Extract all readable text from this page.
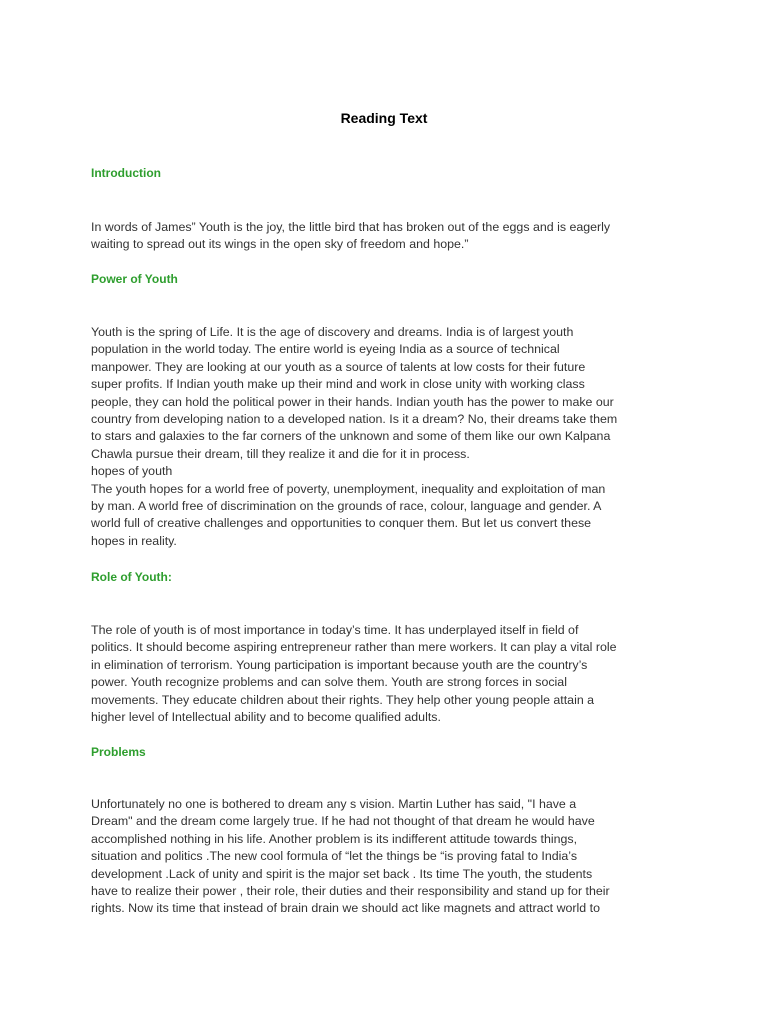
Reading Text
Introduction

In words of James” Youth is the joy, the little bird that has broken out of the eggs and is eagerly
waiting to spread out its wings in the open sky of freedom and hope.”

Power of Youth

Youth is the spring of Life. It is the age of discovery and dreams. India is of largest youth
population in the world today. The entire world is eyeing India as a source of technical
manpower. They are looking at our youth as a source of talents at low costs for their future
super profits. If Indian youth make up their mind and work in close unity with working class
people, they can hold the political power in their hands. Indian youth has the power to make our
country from developing nation to a developed nation. Is it a dream? No, their dreams take them
to stars and galaxies to the far corners of the unknown and some of them like our own Kalpana
Chawla pursue their dream, till they realize it and die for it in process.
hopes of youth
The youth hopes for a world free of poverty, unemployment, inequality and exploitation of man
by man. A world free of discrimination on the grounds of race, colour, language and gender. A
world full of creative challenges and opportunities to conquer them. But let us convert these
hopes in reality.

Role of Youth:

The role of youth is of most importance in today’s time. It has underplayed itself in field of
politics. It should become aspiring entrepreneur rather than mere workers. It can play a vital role
in elimination of terrorism. Young participation is important because youth are the country’s
power. Youth recognize problems and can solve them. Youth are strong forces in social
movements. They educate children about their rights. They help other young people attain a
higher level of Intellectual ability and to become qualified adults.

Problems

Unfortunately no one is bothered to dream any s vision. Martin Luther has said, "I have a
Dream" and the dream come largely true. If he had not thought of that dream he would have
accomplished nothing in his life. Another problem is its indifferent attitude towards things,
situation and politics .The new cool formula of “let the things be “is proving fatal to India’s
development .Lack of unity and spirit is the major set back . Its time The youth, the students
have to realize their power , their role, their duties and their responsibility and stand up for their
rights. Now its time that instead of brain drain we should act like magnets and attract world to
